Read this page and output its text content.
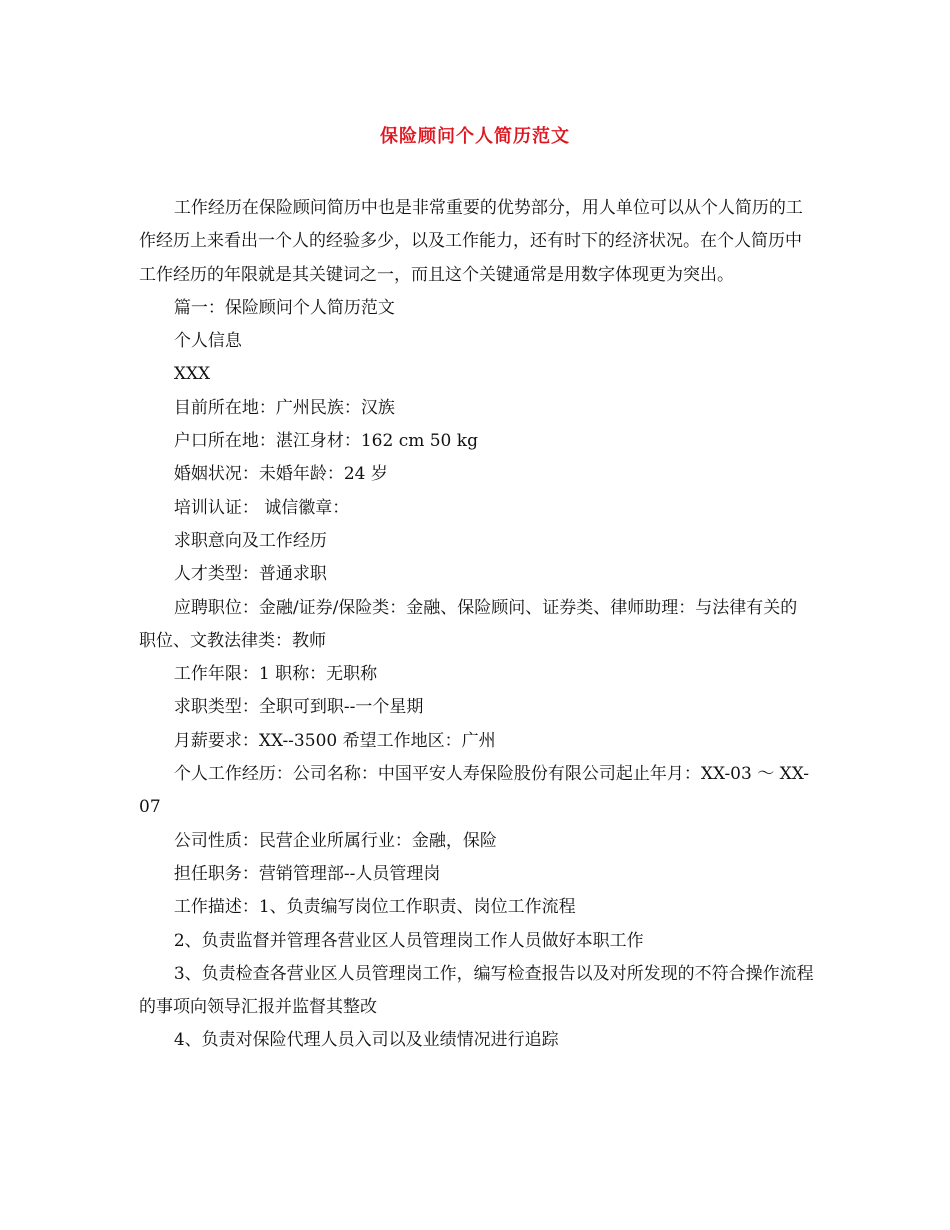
保险顾问个人简历范文

工作经历在保险顾问简历中也是非常重要的优势部分，用人单位可以从个人简历的工作经历上来看出一个人的经验多少，以及工作能力，还有时下的经济状况。在个人简历中工作经历的年限就是其关键词之一，而且这个关键通常是用数字体现更为突出。

篇一：保险顾问个人简历范文

个人信息

XXX

目前所在地：广州民族：汉族

户口所在地：湛江身材：162 cm 50 kg

婚姻状况：未婚年龄：24 岁

培训认证： 诚信徽章：

求职意向及工作经历

人才类型：普通求职

应聘职位：金融/证券/保险类：金融、保险顾问、证券类、律师助理：与法律有关的职位、文教法律类：教师

工作年限：1 职称：无职称

求职类型：全职可到职--一个星期

月薪要求：XX--3500 希望工作地区：广州

个人工作经历：公司名称：中国平安人寿保险股份有限公司起止年月：XX-03 ～ XX-07

公司性质：民营企业所属行业：金融，保险

担任职务：营销管理部--人员管理岗

工作描述：1、负责编写岗位工作职责、岗位工作流程

2、负责监督并管理各营业区人员管理岗工作人员做好本职工作

3、负责检查各营业区人员管理岗工作，编写检查报告以及对所发现的不符合操作流程的事项向领导汇报并监督其整改

4、负责对保险代理人员入司以及业绩情况进行追踪
